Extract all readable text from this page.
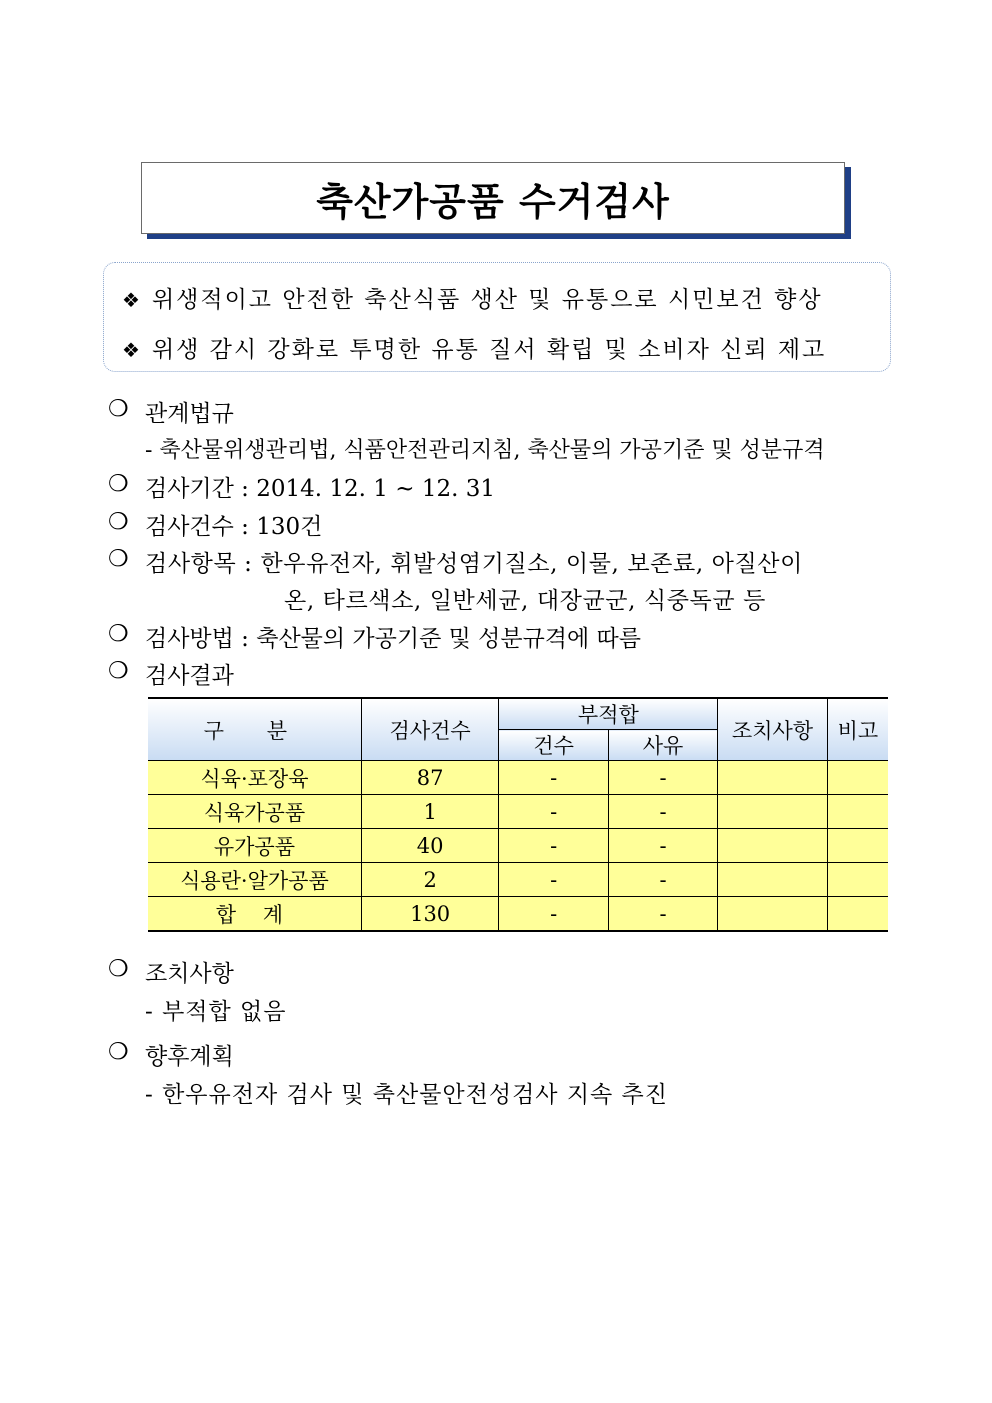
축산가공품 수거검사
❖ 위생적이고 안전한 축산식품 생산 및 유통으로 시민보건 향상
❖ 위생 감시 강화로 투명한 유통 질서 확립 및 소비자 신뢰 제고
❍ 관계법규
- 축산물위생관리법, 식품안전관리지침, 축산물의 가공기준 및 성분규격
❍ 검사기간 : 2014. 12. 1 ~ 12. 31
❍ 검사건수 : 130건
❍ 검사항목 : 한우유전자, 휘발성염기질소, 이물, 보존료, 아질산이
온, 타르색소, 일반세균, 대장균군, 식중독균 등
❍ 검사방법 : 축산물의 가공기준 및 성분규격에 따름
❍ 검사결과
구 분	검사건수	부적합		조치사항	비고
		건수	사유		
식육·포장육	87	-	-		
식육가공품	1	-	-		
유가공품	40	-	-		
식용란·알가공품	2	-	-		
합 계	130	-	-		
❍ 조치사항
- 부적합 없음
❍ 향후계획
- 한우유전자 검사 및 축산물안전성검사 지속 추진
